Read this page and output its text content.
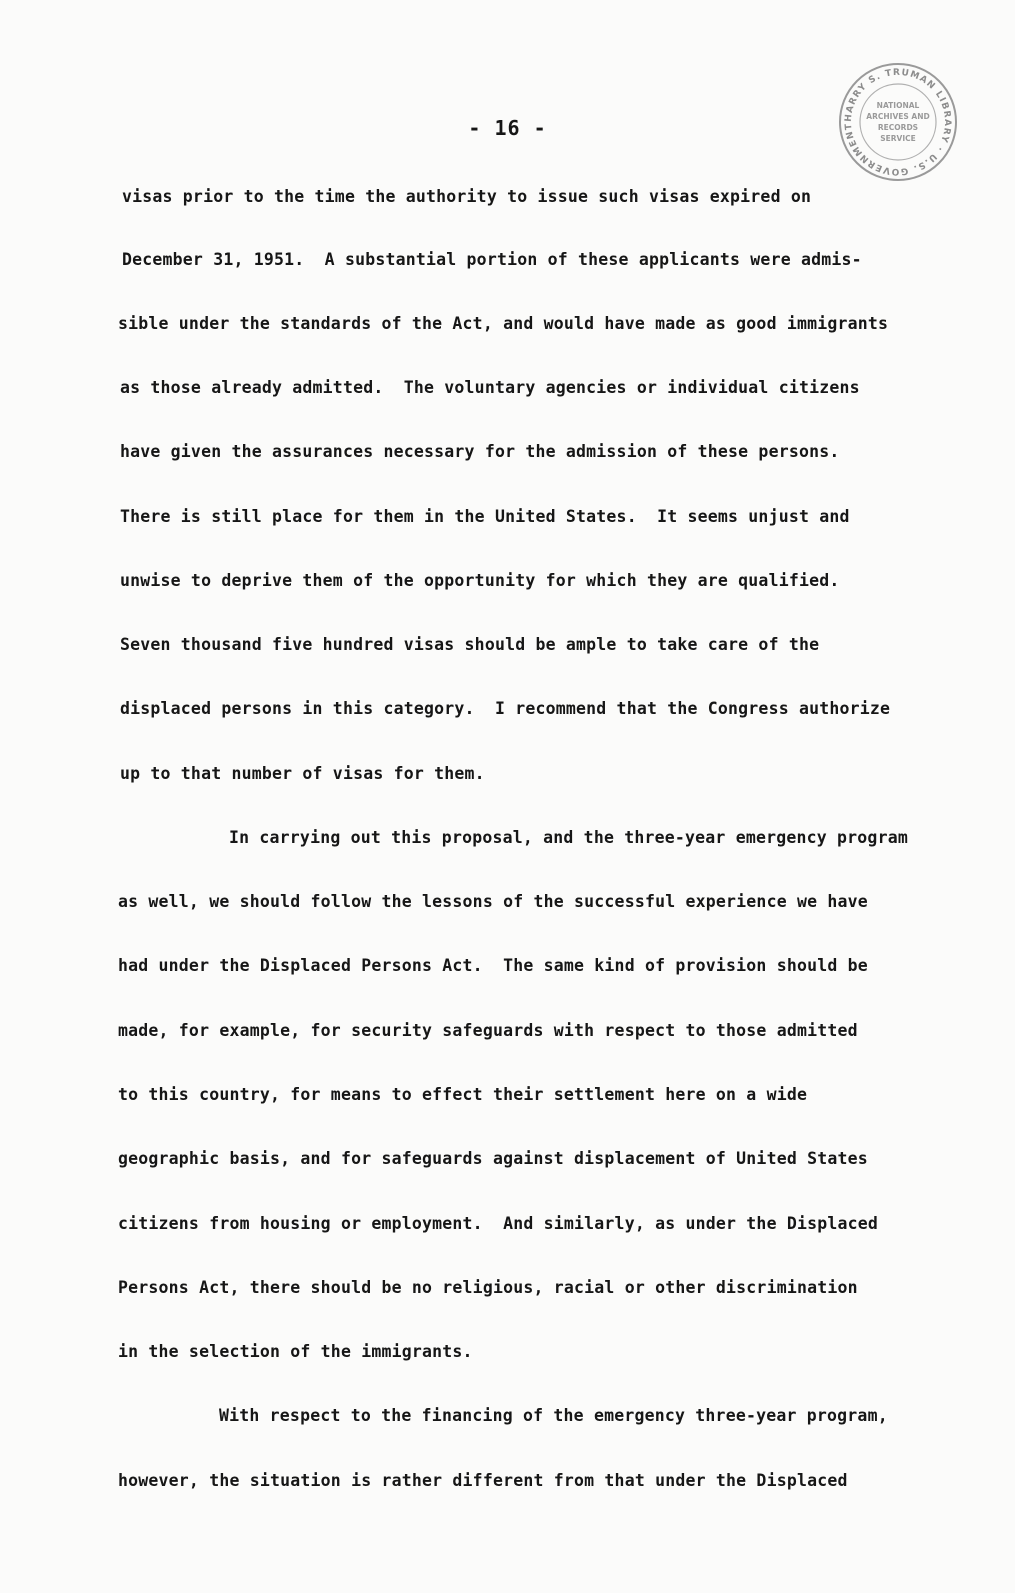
HARRY S. TRUMAN LIBRARY · U.S. GOVERNMENT
NATIONAL
ARCHIVES AND
RECORDS
SERVICE
- 16 -
visas prior to the time the authority to issue such visas expired on
December 31, 1951.  A substantial portion of these applicants were admis-
sible under the standards of the Act, and would have made as good immigrants
as those already admitted.  The voluntary agencies or individual citizens
have given the assurances necessary for the admission of these persons.
There is still place for them in the United States.  It seems unjust and
unwise to deprive them of the opportunity for which they are qualified.
Seven thousand five hundred visas should be ample to take care of the
displaced persons in this category.  I recommend that the Congress authorize
up to that number of visas for them.
In carrying out this proposal, and the three-year emergency program
as well, we should follow the lessons of the successful experience we have
had under the Displaced Persons Act.  The same kind of provision should be
made, for example, for security safeguards with respect to those admitted
to this country, for means to effect their settlement here on a wide
geographic basis, and for safeguards against displacement of United States
citizens from housing or employment.  And similarly, as under the Displaced
Persons Act, there should be no religious, racial or other discrimination
in the selection of the immigrants.
With respect to the financing of the emergency three-year program,
however, the situation is rather different from that under the Displaced
